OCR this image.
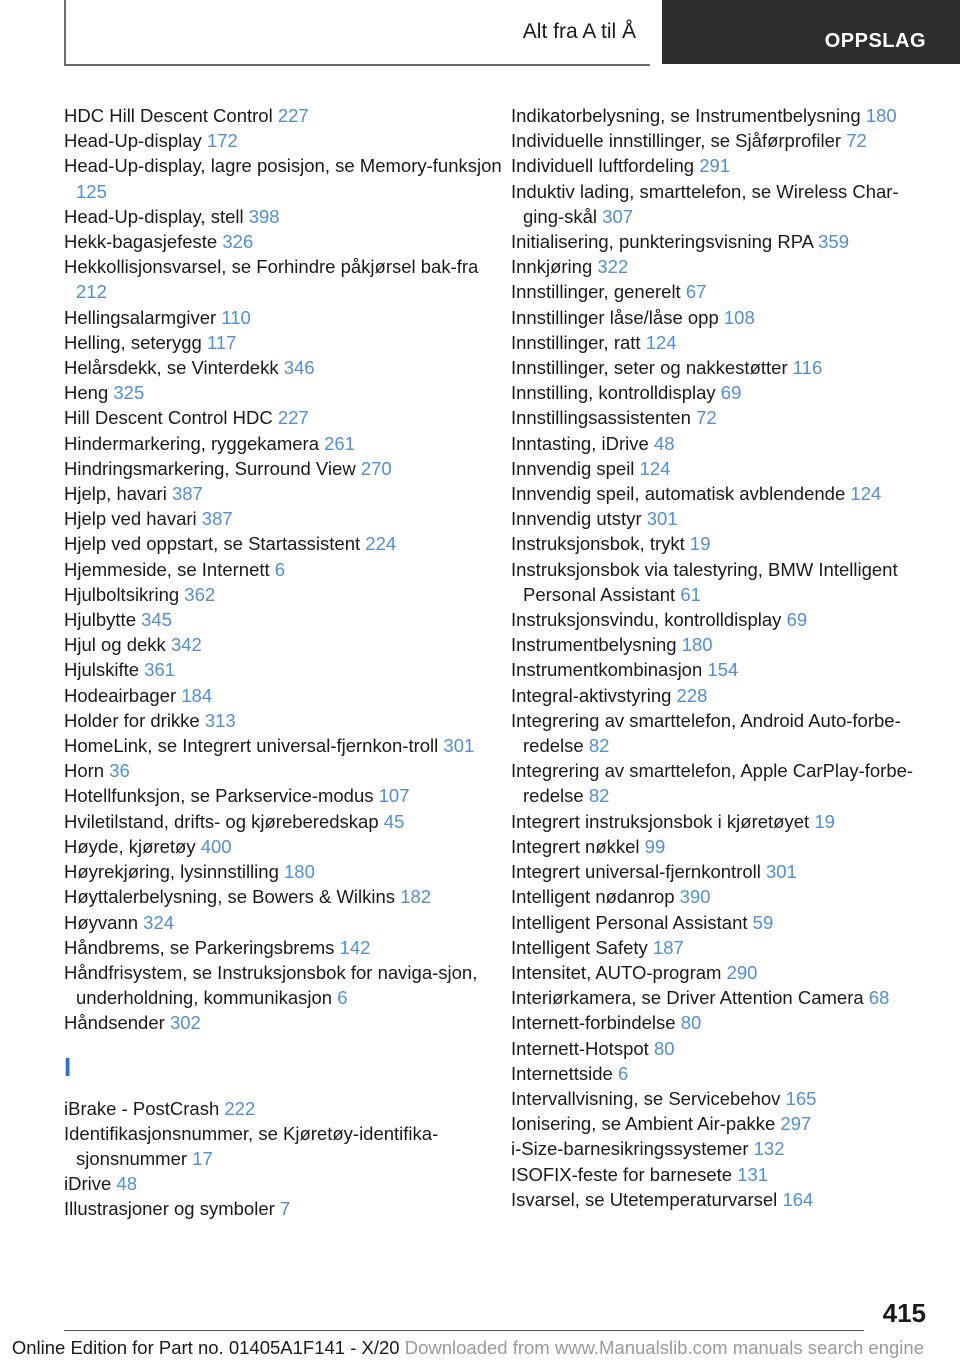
Alt fra A til Å	OPPSLAG
HDC Hill Descent Control 227
Head-Up-display 172
Head-Up-display, lagre posisjon, se Memory-funksjon 125
Head-Up-display, stell 398
Hekk-bagasjefeste 326
Hekkollisjonsvarsel, se Forhindre påkjørsel bak-fra 212
Hellingsalarmgiver 110
Helling, seterygg 117
Helårsdekk, se Vinterdekk 346
Heng 325
Hill Descent Control HDC 227
Hindermarkering, ryggekamera 261
Hindringsmarkering, Surround View 270
Hjelp, havari 387
Hjelp ved havari 387
Hjelp ved oppstart, se Startassistent 224
Hjemmeside, se Internett 6
Hjulboltsikring 362
Hjulbytte 345
Hjul og dekk 342
Hjulskifte 361
Hodeairbager 184
Holder for drikke 313
HomeLink, se Integrert universal-fjernkon-troll 301
Horn 36
Hotellfunksjon, se Parkservice-modus 107
Hviletilstand, drifts- og kjøreberedskap 45
Høyde, kjøretøy 400
Høyrekjøring, lysinnstilling 180
Høyttalerbelysning, se Bowers & Wilkins 182
Høyvann 324
Håndbrems, se Parkeringsbrems 142
Håndfrisystem, se Instruksjonsbok for naviga-sjon, underholdning, kommunikasjon 6
Håndsender 302
I
iBrake - PostCrash 222
Identifikasjonsnummer, se Kjøretøy-identifika-sjonsnummer 17
iDrive 48
Illustrasjoner og symboler 7
Indikatorbelysning, se Instrumentbelysning 180
Individuelle innstillinger, se Sjåførprofiler 72
Individuell luftfordeling 291
Induktiv lading, smarttelefon, se Wireless Char-ging-skål 307
Initialisering, punkteringsvisning RPA 359
Innkjøring 322
Innstillinger, generelt 67
Innstillinger låse/låse opp 108
Innstillinger, ratt 124
Innstillinger, seter og nakkestøtter 116
Innstilling, kontrolldisplay 69
Innstillingsassistenten 72
Inntasting, iDrive 48
Innvendig speil 124
Innvendig speil, automatisk avblendende 124
Innvendig utstyr 301
Instruksjonsbok, trykt 19
Instruksjonsbok via talestyring, BMW Intelligent Personal Assistant 61
Instruksjonsvindu, kontrolldisplay 69
Instrumentbelysning 180
Instrumentkombinasjon 154
Integral-aktivstyring 228
Integrering av smarttelefon, Android Auto-forbe-redelse 82
Integrering av smarttelefon, Apple CarPlay-forbe-redelse 82
Integrert instruksjonsbok i kjøretøyet 19
Integrert nøkkel 99
Integrert universal-fjernkontroll 301
Intelligent nødanrop 390
Intelligent Personal Assistant 59
Intelligent Safety 187
Intensitet, AUTO-program 290
Interiørkamera, se Driver Attention Camera 68
Internett-forbindelse 80
Internett-Hotspot 80
Internettside 6
Intervallvisning, se Servicebehov 165
Ionisering, se Ambient Air-pakke 297
i-Size-barnesikringssystemer 132
ISOFIX-feste for barnesete 131
Isvarsel, se Utetemperaturvarsel 164
415
Online Edition for Part no. 01405A1F141 - X/20 Downloaded from www.Manualslib.com manuals search engine
